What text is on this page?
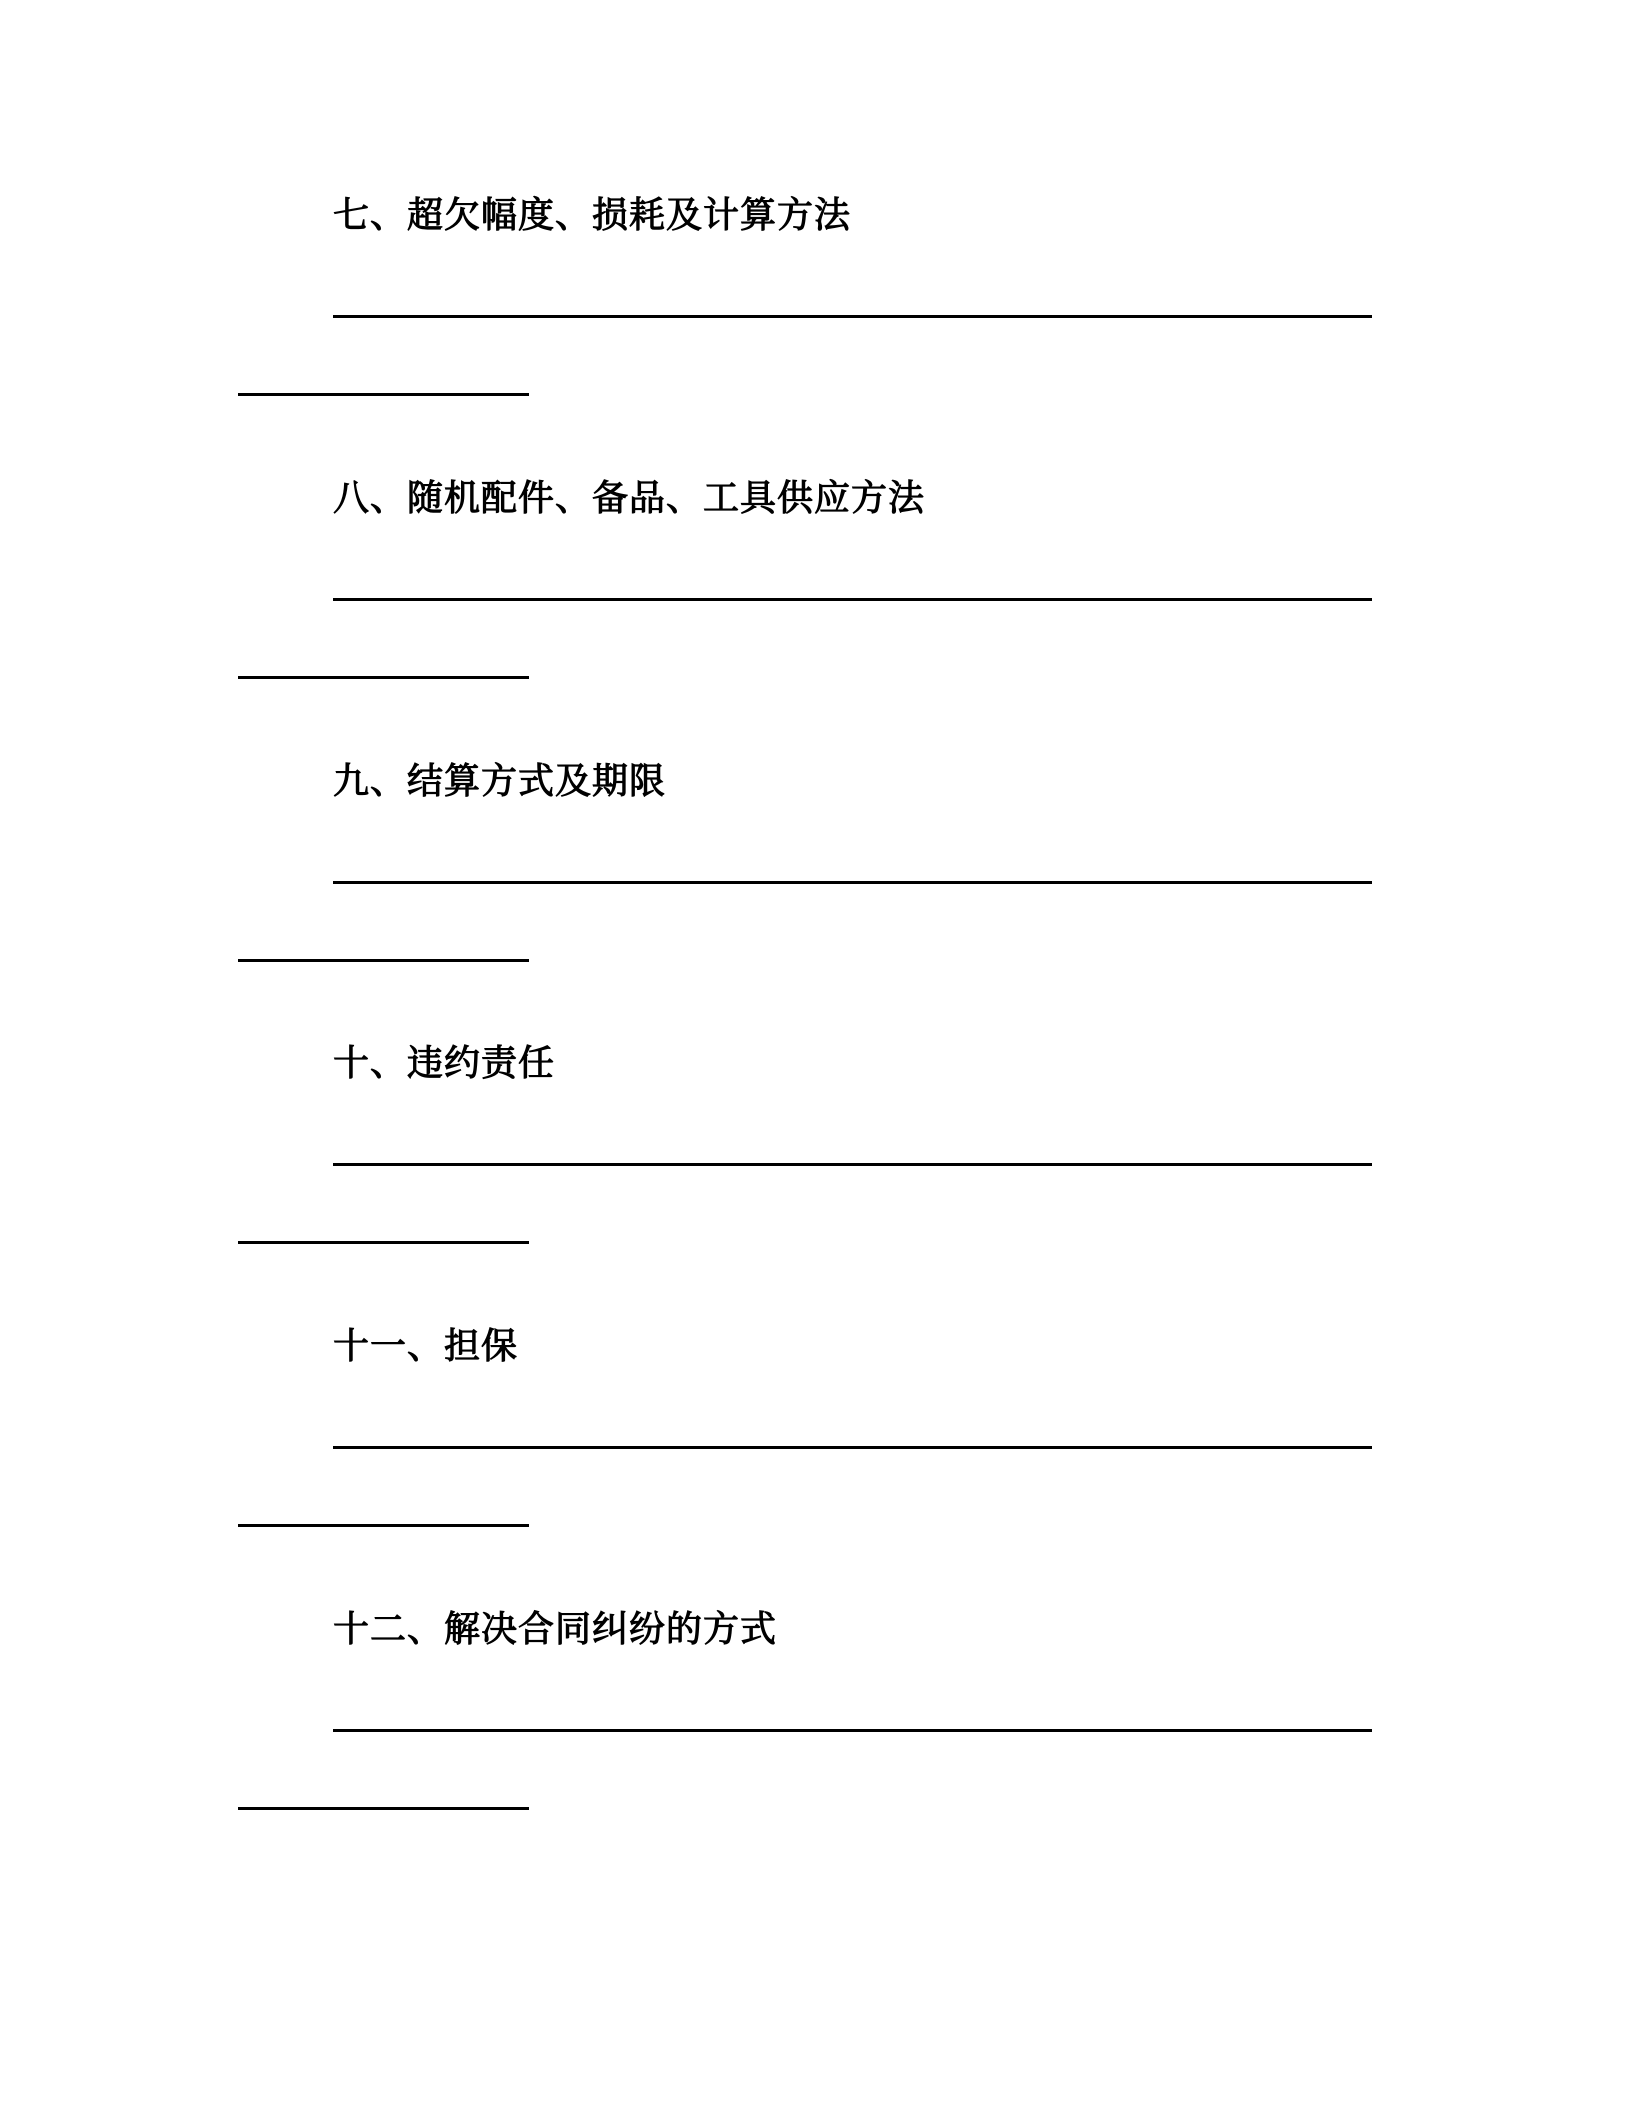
七、超欠幅度、损耗及计算方法
八、随机配件、备品、工具供应方法
九、结算方式及期限
十、违约责任
十一、担保
十二、解决合同纠纷的方式
